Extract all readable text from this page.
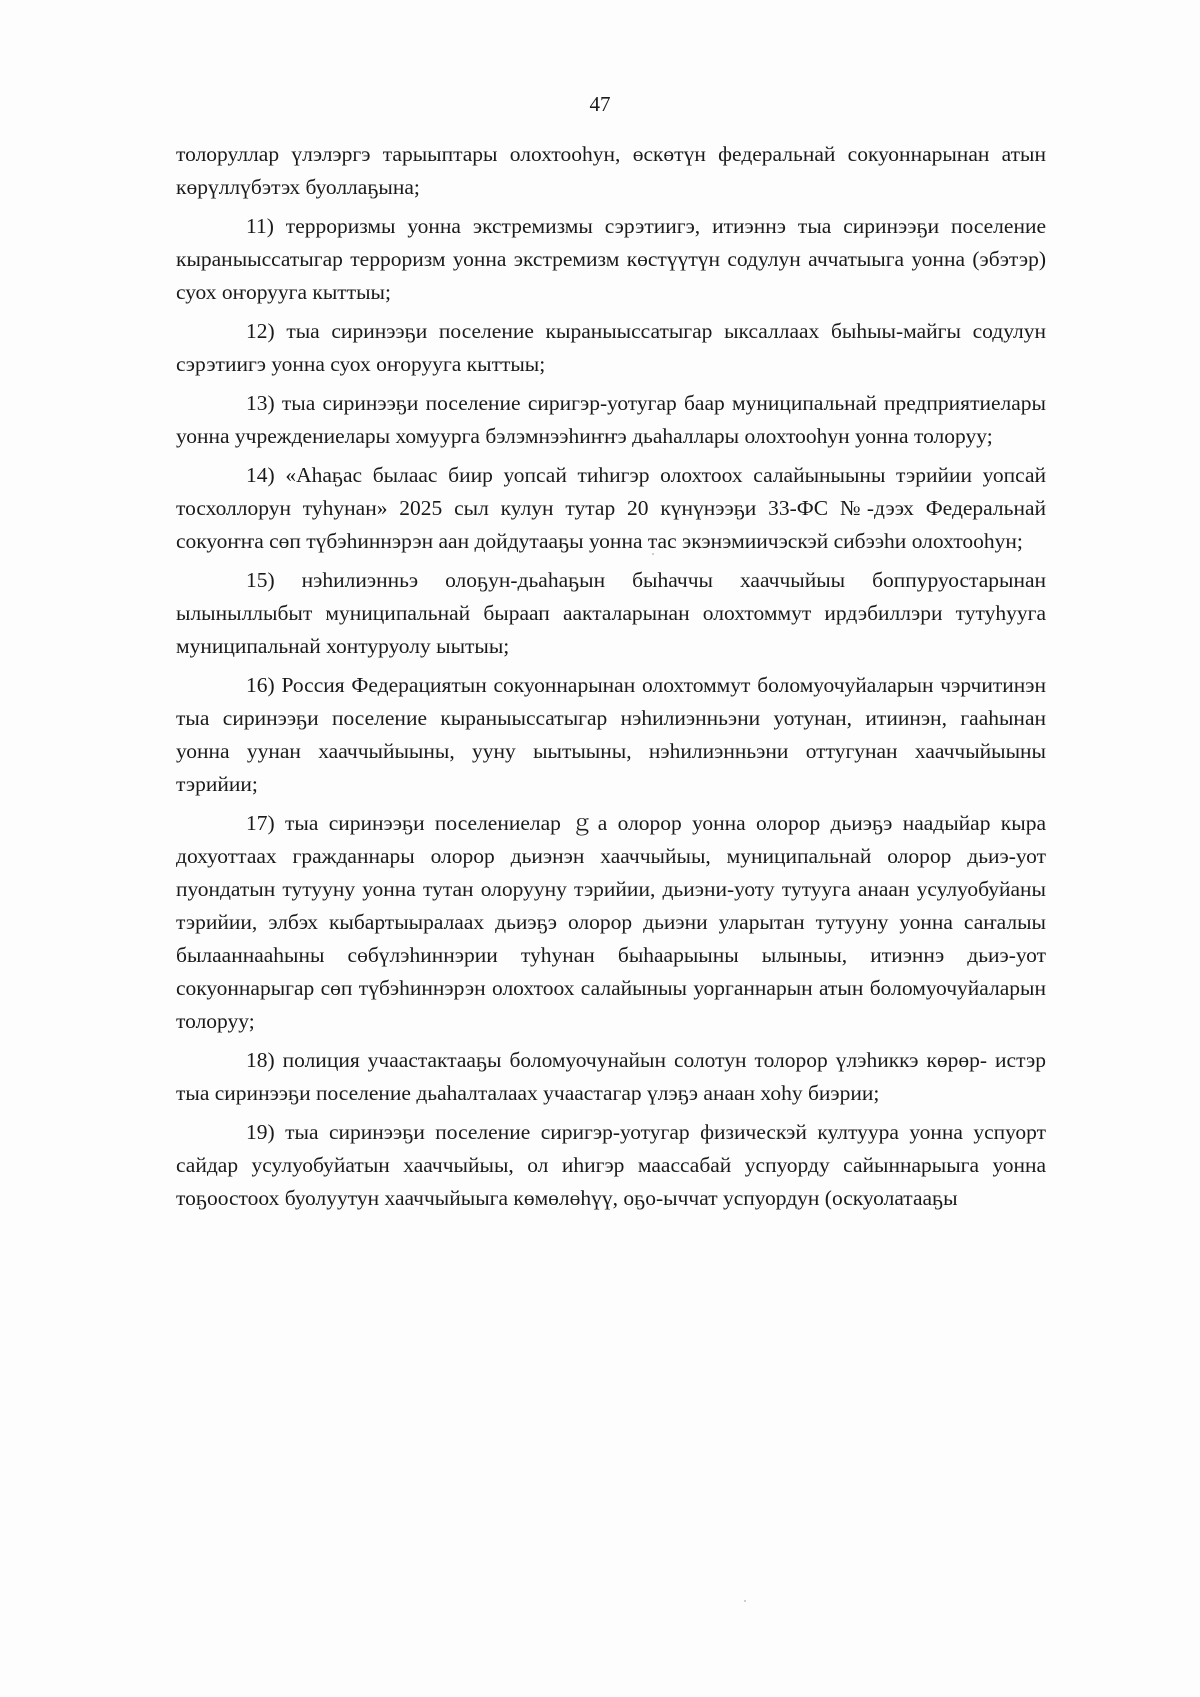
47

толоруллар үлэлэргэ тарыыптары олохтооһун, өскөтүн федеральнай сокуоннарынан атын көрүллүбэтэх буоллаҕына;

11) терроризмы уонна экстремизмы сэрэтиигэ, итиэннэ тыа сиринээҕи поселение кыраныыссатыгар терроризм уонна экстремизм көстүүтүн содулун аччатыыга уонна (эбэтэр) суох оҥорууга кыттыы;

12) тыа сиринээҕи поселение кыраныыссатыгар ыксаллаах быһыы-майгы содулун сэрэтиигэ уонна суох оҥорууга кыттыы;

13) тыа сиринээҕи поселение сиригэр-уотугар баар муниципальнай предприятиелары уонна учреждениелары хомуурга бэлэмнээһиҥҥэ дьаһаллары олохтооһун уонна толоруу;

14) «Аһаҕас былаас биир уопсай тиһигэр олохтоох салайыныыны тэрийии уопсай тосхоллорун туһунан» 2025 сыл кулун тутар 20 күнүнээҕи 33-ФС №-дээх Федеральнай сокуоҥҥа сөп түбэһиннэрэн аан дойдутааҕы уонна тас экэнэмиичэскэй сибээһи олохтооһун;

15) нэһилиэнньэ олоҕун-дьаһаҕын быһаччы хааччыйыы боппуруостарынан ылыныллыбыт муниципальнай быраап аакталарынан олохтоммут ирдэбиллэри тутуһууга муниципальнай хонтуруолу ыытыы;

16) Россия Федерациятын сокуоннарынан олохтоммут боломуочуйаларын чэрчитинэн тыа сиринээҕи поселение кыраныыссатыгар нэһилиэнньэни уотунан, итиинэн, гааһынан уонна уунан хааччыйыыны, ууну ыытыыны, нэһилиэнньэни оттугунан хааччыйыыны тэрийии;

17) тыа сиринээҕи поселениелар ｇа олорор уонна олорор дьиэҕэ наадыйар кыра дохуоттаах гражданнары олорор дьиэнэн хааччыйыы, муниципальнай олорор дьиэ-уот пуондатын тутууну уонна тутан олорууну тэрийии, дьиэни-уоту тутууга анаан усулуобуйаны тэрийии, элбэх кыбартыыралаах дьиэҕэ олорор дьиэни уларытан тутууну уонна саҥалыы былааннааһыны сөбүлэһиннэрии туһунан быһаарыыны ылыныы, итиэннэ дьиэ-уот сокуоннарыгар сөп түбэһиннэрэн олохтоох салайыныы уорганнарын атын боломуочуйаларын толоруу;

18) полиция учаастактааҕы боломуочунайын солотун толорор үлэһиккэ көрөр- истэр тыа сиринээҕи поселение дьаһалталаах учаастагар үлэҕэ анаан хоһу биэрии;

19) тыа сиринээҕи поселение сиригэр-уотугар физическэй култуура уонна успуорт сайдар усулуобуйатын хааччыйыы, ол иһигэр маассабай успуорду сайыннарыыга уонна тоҕоостоох буолуутун хааччыйыыга көмөлөһүү, оҕо-ыччат успуордун (оскуолатааҕы
